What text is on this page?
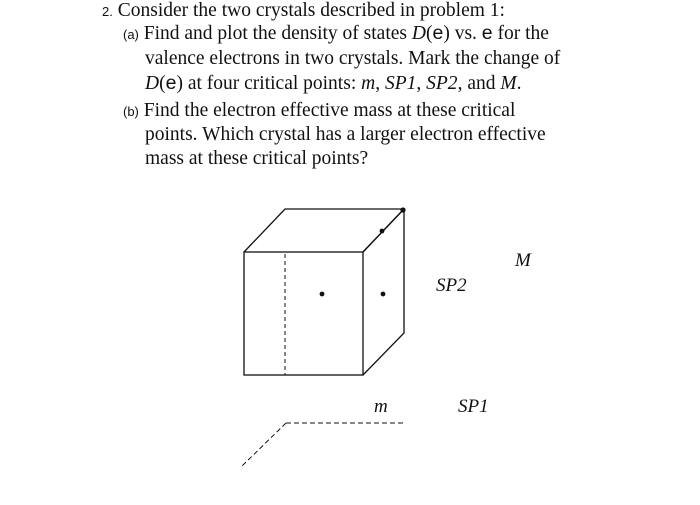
2. Consider the two crystals described in problem 1:
(a) Find and plot the density of states D(e) vs. e for the
valence electrons in two crystals. Mark the change of
D(e) at four critical points: m, SP1, SP2, and M.
(b) Find the electron effective mass at these critical
points. Which crystal has a larger electron effective
mass at these critical points?
M
SP2
m	SP1
